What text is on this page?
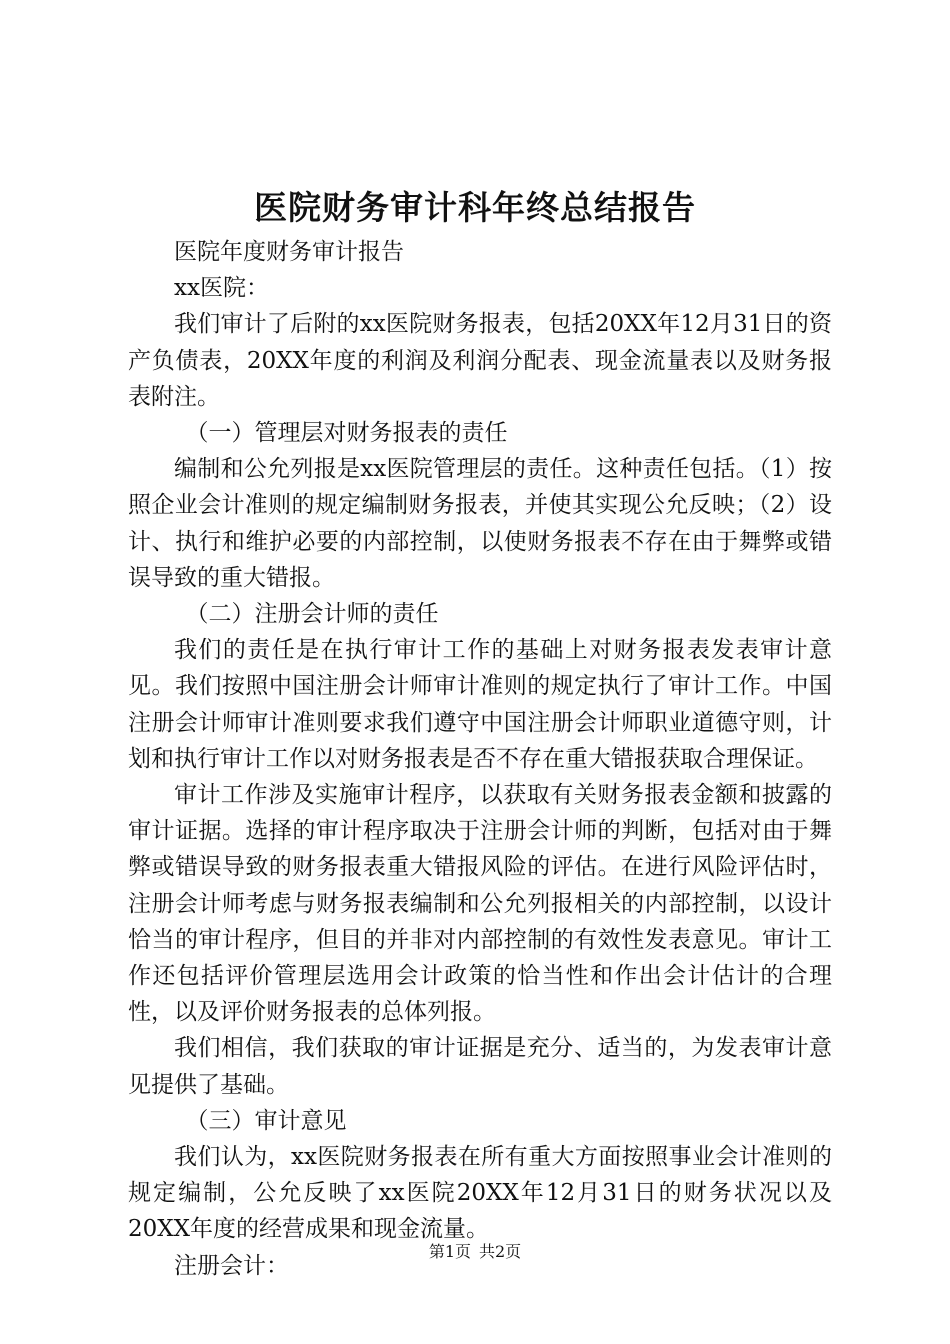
医院财务审计科年终总结报告

医院年度财务审计报告

xx医院：

我们审计了后附的xx医院财务报表，包括20XX年12月31日的资产负债表，20XX年度的利润及利润分配表、现金流量表以及财务报表附注。

（一）管理层对财务报表的责任

编制和公允列报是xx医院管理层的责任。这种责任包括。（1）按照企业会计准则的规定编制财务报表，并使其实现公允反映；（2）设计、执行和维护必要的内部控制，以使财务报表不存在由于舞弊或错误导致的重大错报。

（二）注册会计师的责任

我们的责任是在执行审计工作的基础上对财务报表发表审计意见。我们按照中国注册会计师审计准则的规定执行了审计工作。中国注册会计师审计准则要求我们遵守中国注册会计师职业道德守则，计划和执行审计工作以对财务报表是否不存在重大错报获取合理保证。

审计工作涉及实施审计程序，以获取有关财务报表金额和披露的审计证据。选择的审计程序取决于注册会计师的判断，包括对由于舞弊或错误导致的财务报表重大错报风险的评估。在进行风险评估时，注册会计师考虑与财务报表编制和公允列报相关的内部控制，以设计恰当的审计程序，但目的并非对内部控制的有效性发表意见。审计工作还包括评价管理层选用会计政策的恰当性和作出会计估计的合理性，以及评价财务报表的总体列报。

我们相信，我们获取的审计证据是充分、适当的，为发表审计意见提供了基础。

（三）审计意见

我们认为，xx医院财务报表在所有重大方面按照事业会计准则的规定编制，公允反映了xx医院20XX年12月31日的财务状况以及20XX年度的经营成果和现金流量。

注册会计：

第1页 共2页
